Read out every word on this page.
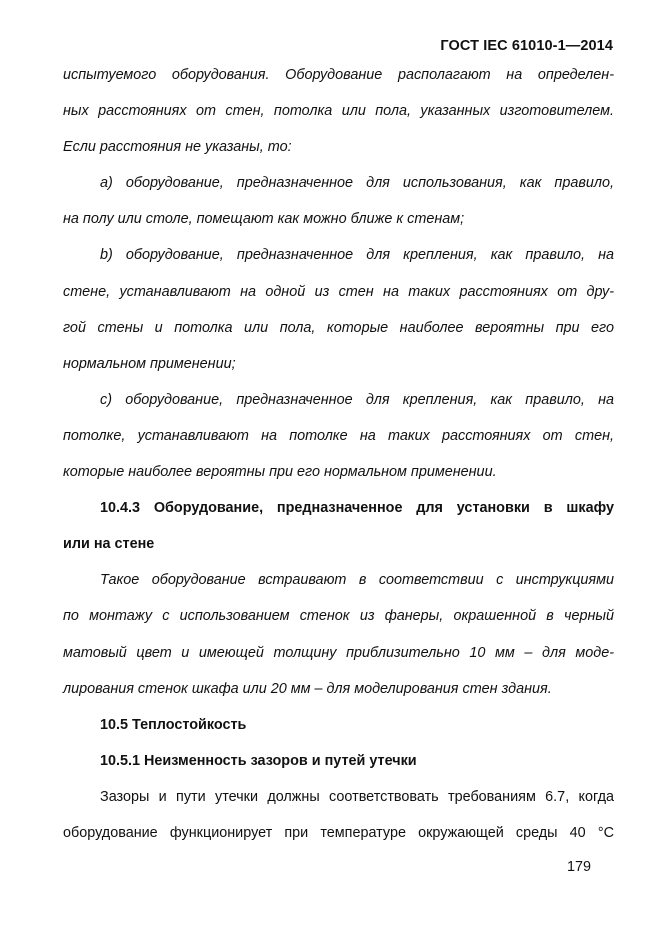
ГОСТ IEC 61010-1—2014
испытуемого оборудования. Оборудование располагают на определен-
ных расстояниях от стен, потолка или пола, указанных изготовителем.
Если расстояния не указаны, то:
а) оборудование, предназначенное для использования, как правило,
на полу или столе, помещают как можно ближе к стенам;
b) оборудование, предназначенное для крепления, как правило, на
стене, устанавливают на одной из стен на таких расстояниях от дру-
гой стены и потолка или пола, которые наиболее вероятны при его
нормальном применении;
с) оборудование, предназначенное для крепления, как правило, на
потолке, устанавливают на потолке на таких расстояниях от стен,
которые наиболее вероятны при его нормальном применении.
10.4.3 Оборудование, предназначенное для установки в шкафу
или на стене
Такое оборудование встраивают в соответствии с инструкциями
по монтажу с использованием стенок из фанеры, окрашенной в черный
матовый цвет и имеющей толщину приблизительно 10 мм – для моде-
лирования стенок шкафа или 20 мм – для моделирования стен здания.
10.5 Теплостойкость
10.5.1 Неизменность зазоров и путей утечки
Зазоры и пути утечки должны соответствовать требованиям 6.7, когда
оборудование функционирует при температуре окружающей среды 40 °С
179
